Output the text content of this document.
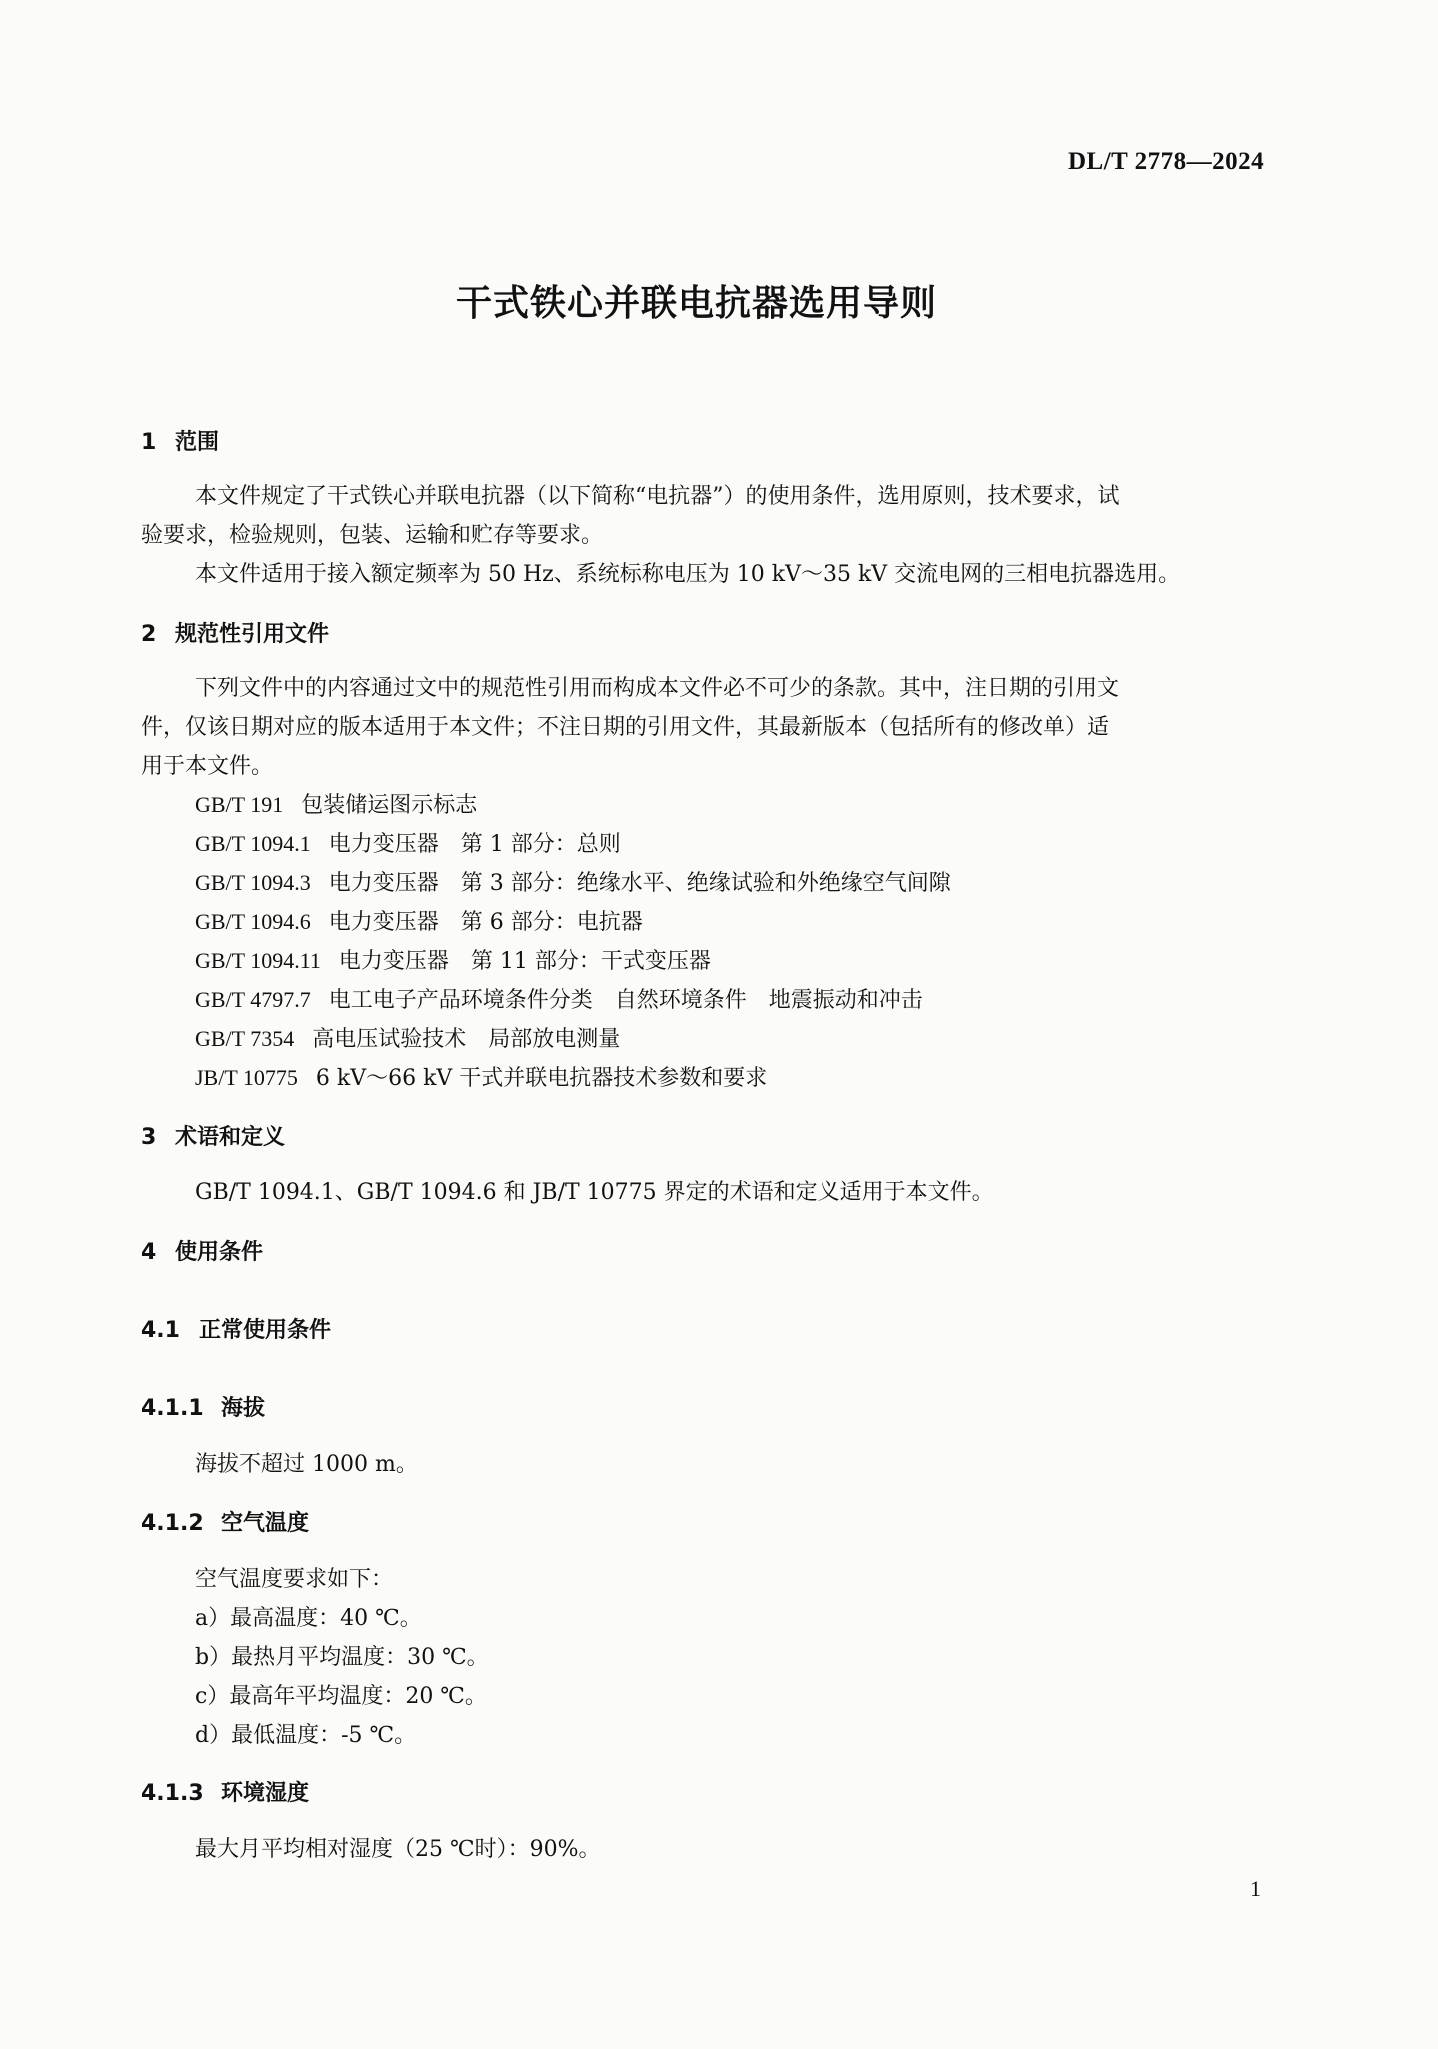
DL/T 2778—2024
干式铁心并联电抗器选用导则
1 范围
本文件规定了干式铁心并联电抗器（以下简称“电抗器”）的使用条件，选用原则，技术要求，试
验要求，检验规则，包装、运输和贮存等要求。
本文件适用于接入额定频率为 50 Hz、系统标称电压为 10 kV～35 kV 交流电网的三相电抗器选用。
2 规范性引用文件
下列文件中的内容通过文中的规范性引用而构成本文件必不可少的条款。其中，注日期的引用文
件，仅该日期对应的版本适用于本文件；不注日期的引用文件，其最新版本（包括所有的修改单）适
用于本文件。
GB/T 191 包装储运图示标志
GB/T 1094.1 电力变压器　第 1 部分：总则
GB/T 1094.3 电力变压器　第 3 部分：绝缘水平、绝缘试验和外绝缘空气间隙
GB/T 1094.6 电力变压器　第 6 部分：电抗器
GB/T 1094.11 电力变压器　第 11 部分：干式变压器
GB/T 4797.7 电工电子产品环境条件分类　自然环境条件　地震振动和冲击
GB/T 7354 高电压试验技术　局部放电测量
JB/T 10775 6 kV～66 kV 干式并联电抗器技术参数和要求
3 术语和定义
GB/T 1094.1、GB/T 1094.6 和 JB/T 10775 界定的术语和定义适用于本文件。
4 使用条件
4.1 正常使用条件
4.1.1 海拔
海拔不超过 1000 m。
4.1.2 空气温度
空气温度要求如下：
a）最高温度：40 ℃。
b）最热月平均温度：30 ℃。
c）最高年平均温度：20 ℃。
d）最低温度：-5 ℃。
4.1.3 环境湿度
最大月平均相对湿度（25 ℃时）：90%。
1
